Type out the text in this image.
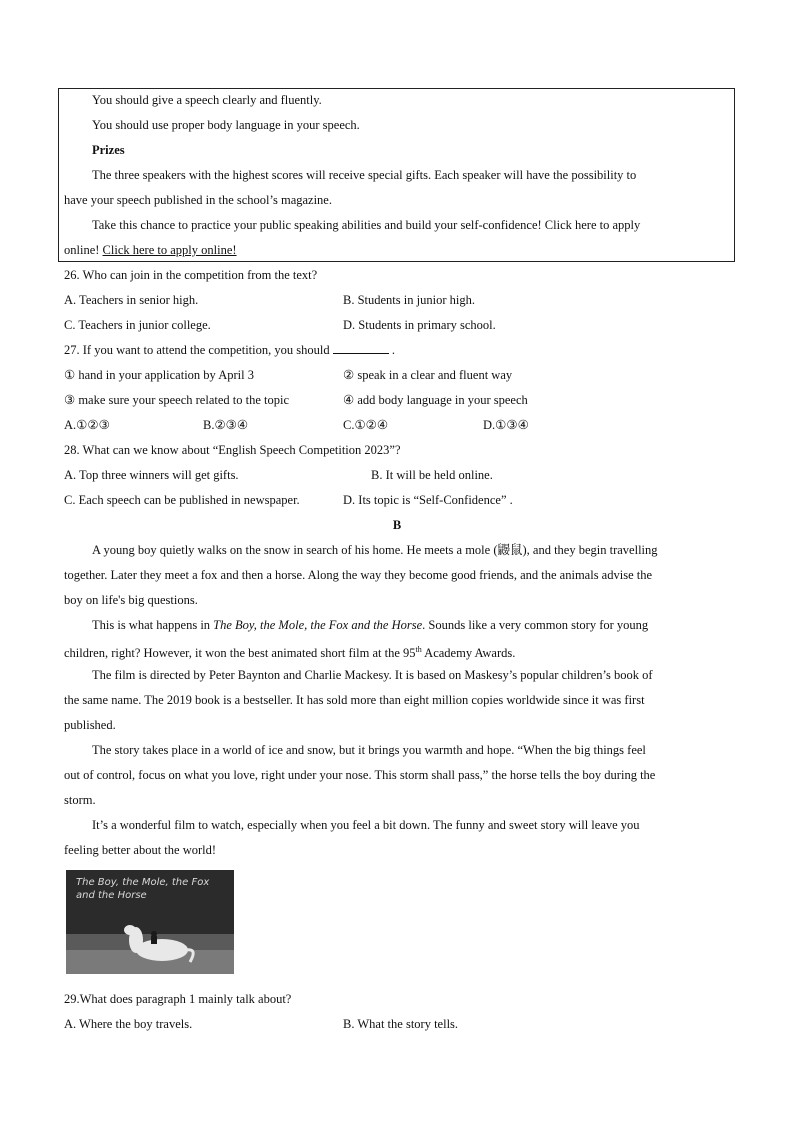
You should give a speech clearly and fluently.
You should use proper body language in your speech.
Prizes
The three speakers with the highest scores will receive special gifts. Each speaker will have the possibility to
have your speech published in the school’s magazine.
Take this chance to practice your public speaking abilities and build your self-confidence! Click here to apply
online! Click here to apply online!
26. Who can join in the competition from the text?
A. Teachers in senior high.	B. Students in junior high.
C. Teachers in junior college.	D. Students in primary school.
27. If you want to attend the competition, you should	.
① hand in your application by April 3	② speak in a clear and fluent way
③ make sure your speech related to the topic	④ add body language in your speech
A.①②③	B.②③④	C.①②④	D.①③④
28. What can we know about “English Speech Competition 2023”?
A. Top three winners will get gifts.	B. It will be held online.
C. Each speech can be published in newspaper.	D. Its topic is “Self-Confidence” .
B
A young boy quietly walks on the snow in search of his home. He meets a mole (鼹鼠), and they begin travelling
together. Later they meet a fox and then a horse. Along the way they become good friends, and the animals advise the
boy on life's big questions.
This is what happens in The Boy, the Mole, the Fox and the Horse. Sounds like a very common story for young
children, right? However, it won the best animated short film at the 95th Academy Awards.
The film is directed by Peter Baynton and Charlie Mackesy. It is based on Maskesy’s popular children’s book of
the same name. The 2019 book is a bestseller. It has sold more than eight million copies worldwide since it was first
published.
The story takes place in a world of ice and snow, but it brings you warmth and hope. “When the big things feel
out of control, focus on what you love, right under your nose. This storm shall pass,” the horse tells the boy during the
storm.
It’s a wonderful film to watch, especially when you feel a bit down. The funny and sweet story will leave you
feeling better about the world!
The Boy, the Mole, the Fox and the Horse
29.What does paragraph 1 mainly talk about?
A. Where the boy travels.	B. What the story tells.
